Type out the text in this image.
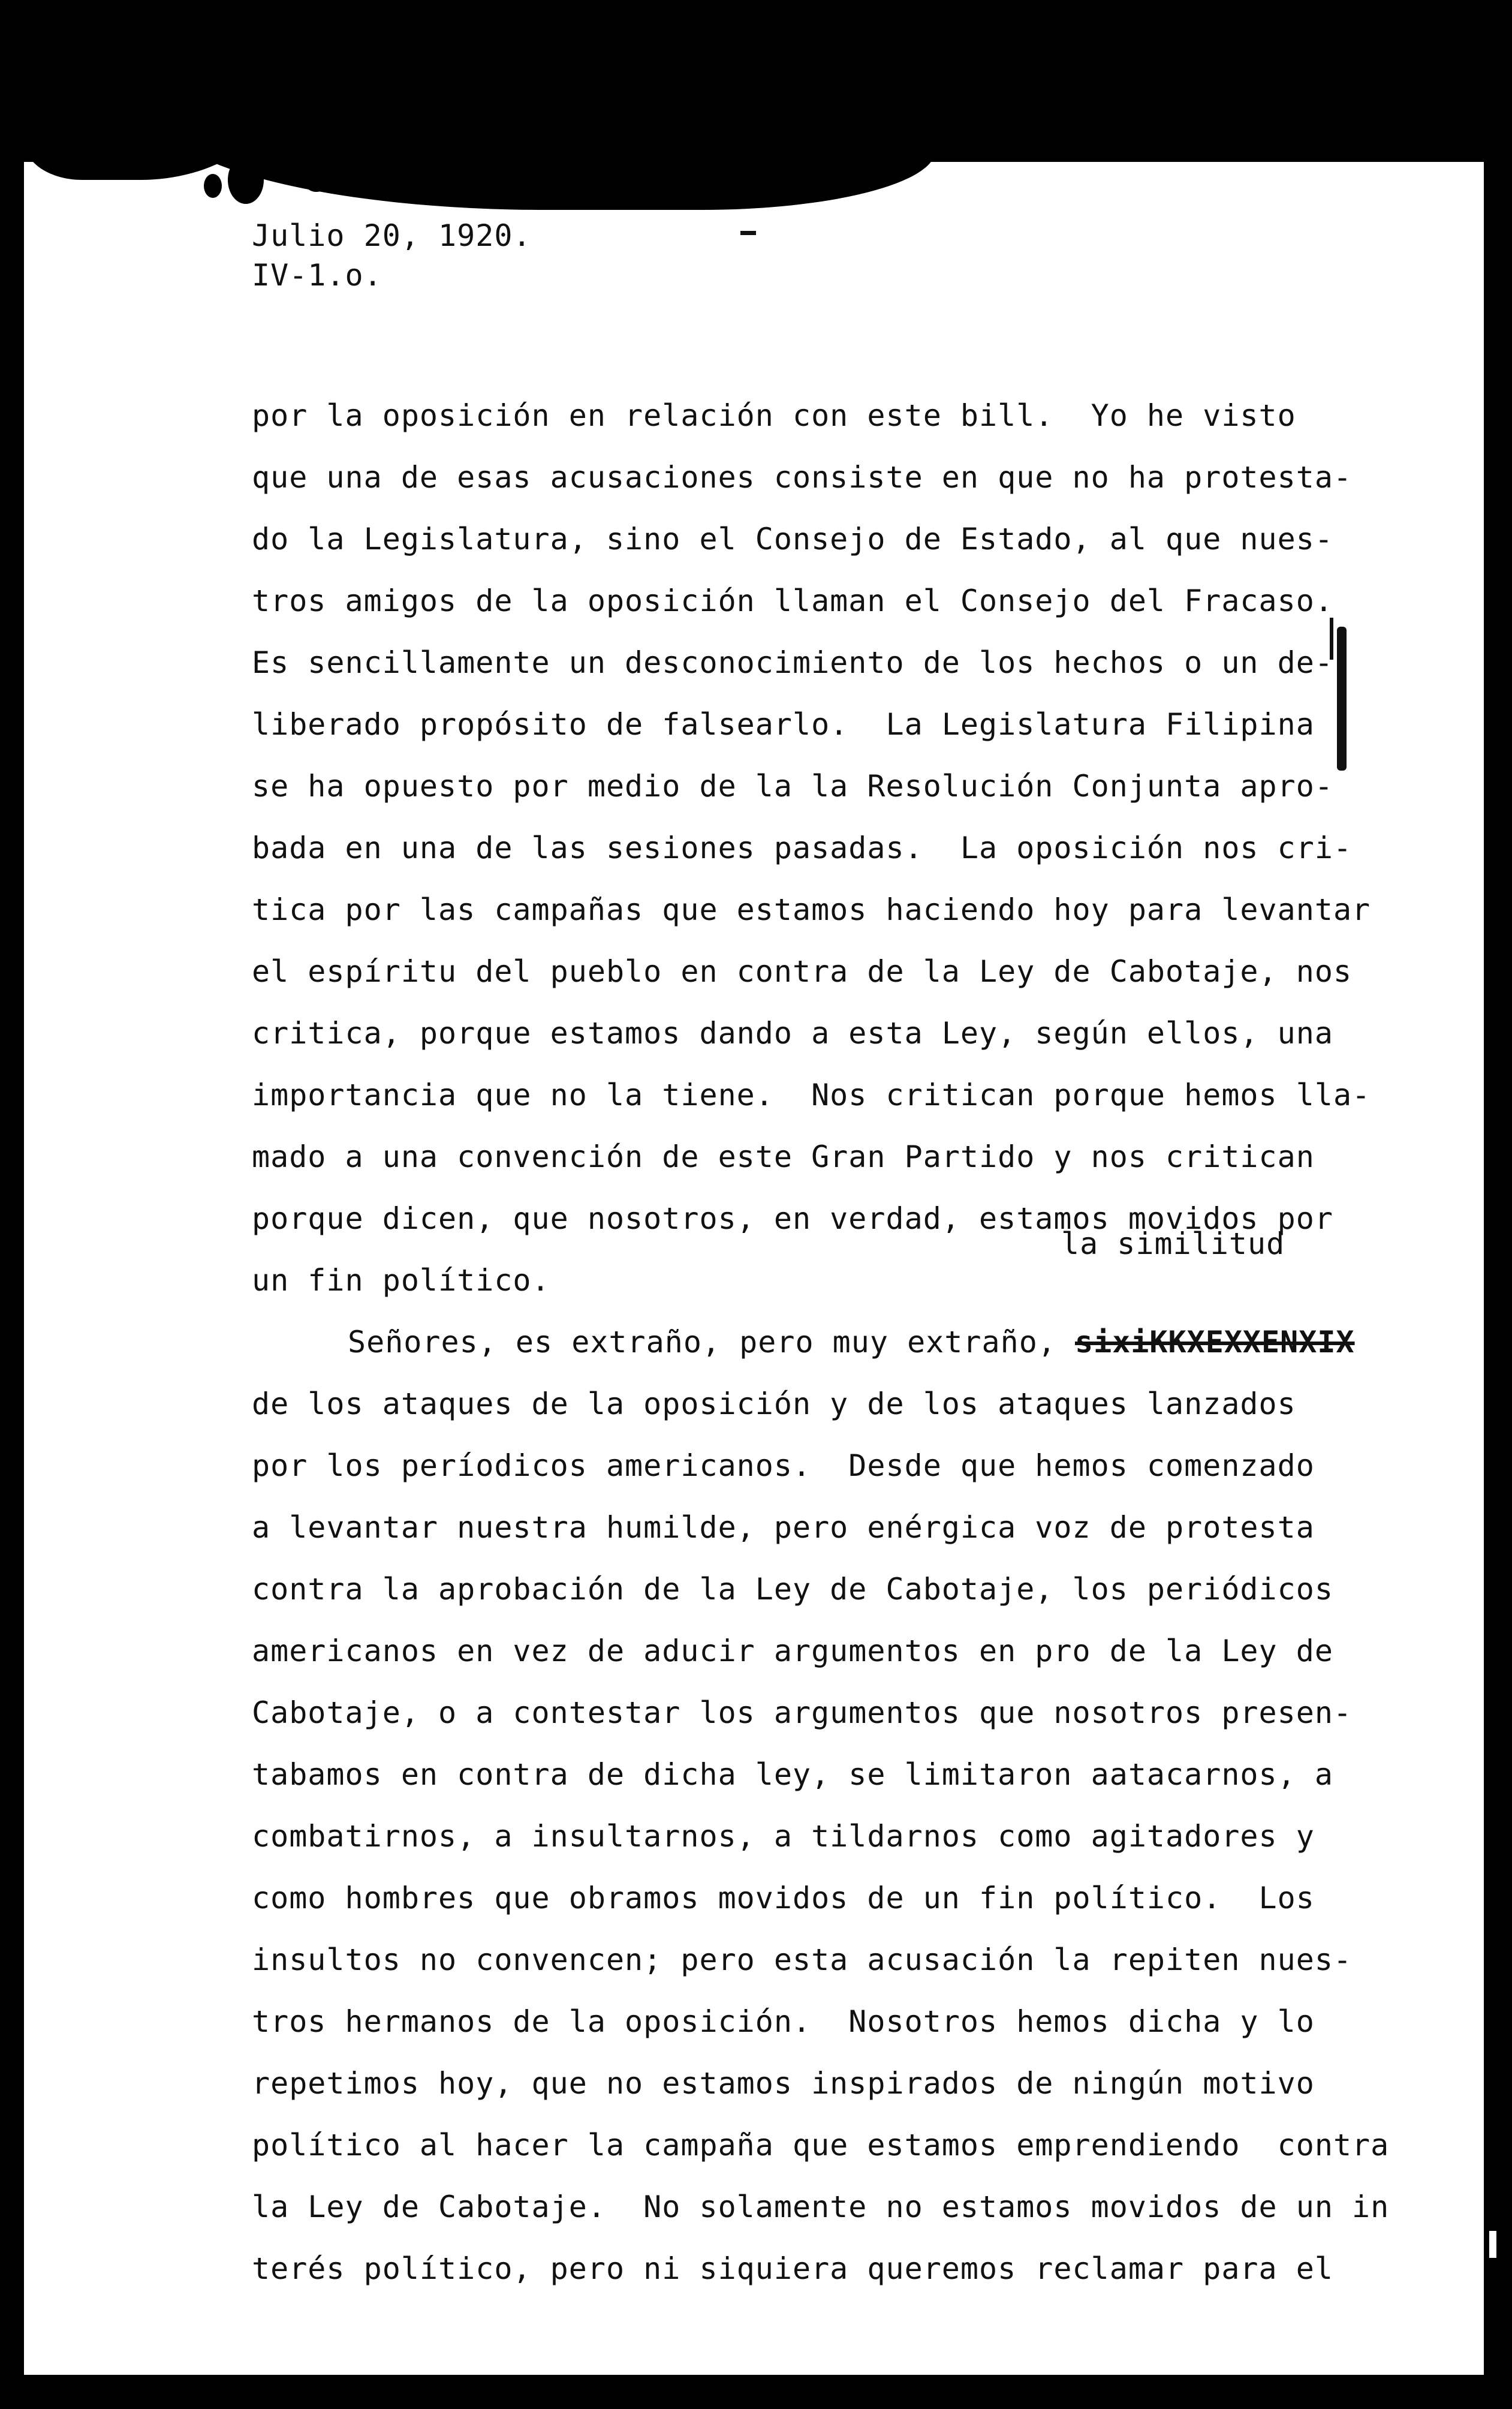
la similitud

Julio 20, 1920.

IV-1.o.

por la oposición en relación con este bill.  Yo he visto

que una de esas acusaciones consiste en que no ha protesta-

do la Legislatura, sino el Consejo de Estado, al que nues-

tros amigos de la oposición llaman el Consejo del Fracaso.

Es sencillamente un desconocimiento de los hechos o un de-

liberado propósito de falsearlo.  La Legislatura Filipina

se ha opuesto por medio de la la Resolución Conjunta apro-

bada en una de las sesiones pasadas.  La oposición nos cri-

tica por las campañas que estamos haciendo hoy para levantar

el espíritu del pueblo en contra de la Ley de Cabotaje, nos

critica, porque estamos dando a esta Ley, según ellos, una

importancia que no la tiene.  Nos critican porque hemos lla-

mado a una convención de este Gran Partido y nos critican

porque dicen, que nosotros, en verdad, estamos movidos por

un fin político.

Señores, es extraño, pero muy extraño, sixiKKXEXXENXIX

de los ataques de la oposición y de los ataques lanzados

por los períodicos americanos.  Desde que hemos comenzado

a levantar nuestra humilde, pero enérgica voz de protesta

contra la aprobación de la Ley de Cabotaje, los periódicos

americanos en vez de aducir argumentos en pro de la Ley de

Cabotaje, o a contestar los argumentos que nosotros presen-

tabamos en contra de dicha ley, se limitaron aatacarnos, a

combatirnos, a insultarnos, a tildarnos como agitadores y

como hombres que obramos movidos de un fin político.  Los

insultos no convencen; pero esta acusación la repiten nues-

tros hermanos de la oposición.  Nosotros hemos dicha y lo

repetimos hoy, que no estamos inspirados de ningún motivo

político al hacer la campaña que estamos emprendiendo  contra

la Ley de Cabotaje.  No solamente no estamos movidos de un in

terés político, pero ni siquiera queremos reclamar para el
